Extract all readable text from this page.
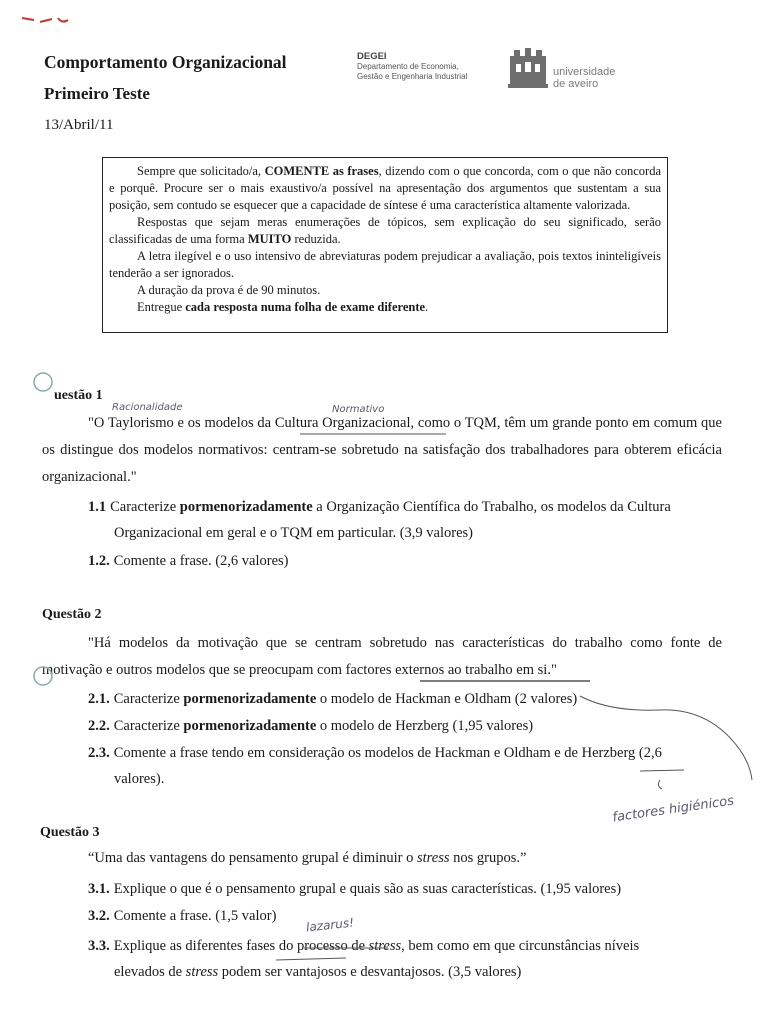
Comportamento Organizacional
Primeiro Teste
13/Abril/11
DEGEI
Departamento de Economia,
Gestão e Engenharia Industrial	universidade
de aveiro

Sempre que solicitado/a, COMENTE as frases, dizendo com o que concorda, com o que não concorda e porquê. Procure ser o mais exaustivo/a possível na apresentação dos argumentos que sustentam a sua posição, sem contudo se esquecer que a capacidade de síntese é uma característica altamente valorizada.

Respostas que sejam meras enumerações de tópicos, sem explicação do seu significado, serão classificadas de uma forma MUITO reduzida.

A letra ilegível e o uso intensivo de abreviaturas podem prejudicar a avaliação, pois textos ininteligíveis tenderão a ser ignorados.

A duração da prova é de 90 minutos.

Entregue cada resposta numa folha de exame diferente.

uestão 1
"O Taylorismo e os modelos da Cultura Organizacional, como o TQM, têm um grande ponto em comum que os distingue dos modelos normativos: centram-se sobretudo na satisfação dos trabalhadores para obterem eficácia organizacional."
1.1 Caracterize pormenorizadamente a Organização Científica do Trabalho, os modelos da Cultura
Organizacional em geral e o TQM em particular. (3,9 valores)
1.2. Comente a frase. (2,6 valores)
Questão 2
"Há modelos da motivação que se centram sobretudo nas características do trabalho como fonte de motivação e outros modelos que se preocupam com factores externos ao trabalho em si."
2.1. Caracterize pormenorizadamente o modelo de Hackman e Oldham (2 valores)
2.2. Caracterize pormenorizadamente o modelo de Herzberg (1,95 valores)
2.3. Comente a frase tendo em consideração os modelos de Hackman e Oldham e de Herzberg (2,6
valores).
Questão 3
“Uma das vantagens do pensamento grupal é diminuir o stress nos grupos.”
3.1. Explique o que é o pensamento grupal e quais são as suas características. (1,95 valores)
3.2. Comente a frase. (1,5 valor)
3.3. Explique as diferentes fases do processo de stress, bem como em que circunstâncias níveis
elevados de stress podem ser vantajosos e desvantajosos. (3,5 valores)
Racionalidade	Normativo
factores higiénicos
lazarus!
